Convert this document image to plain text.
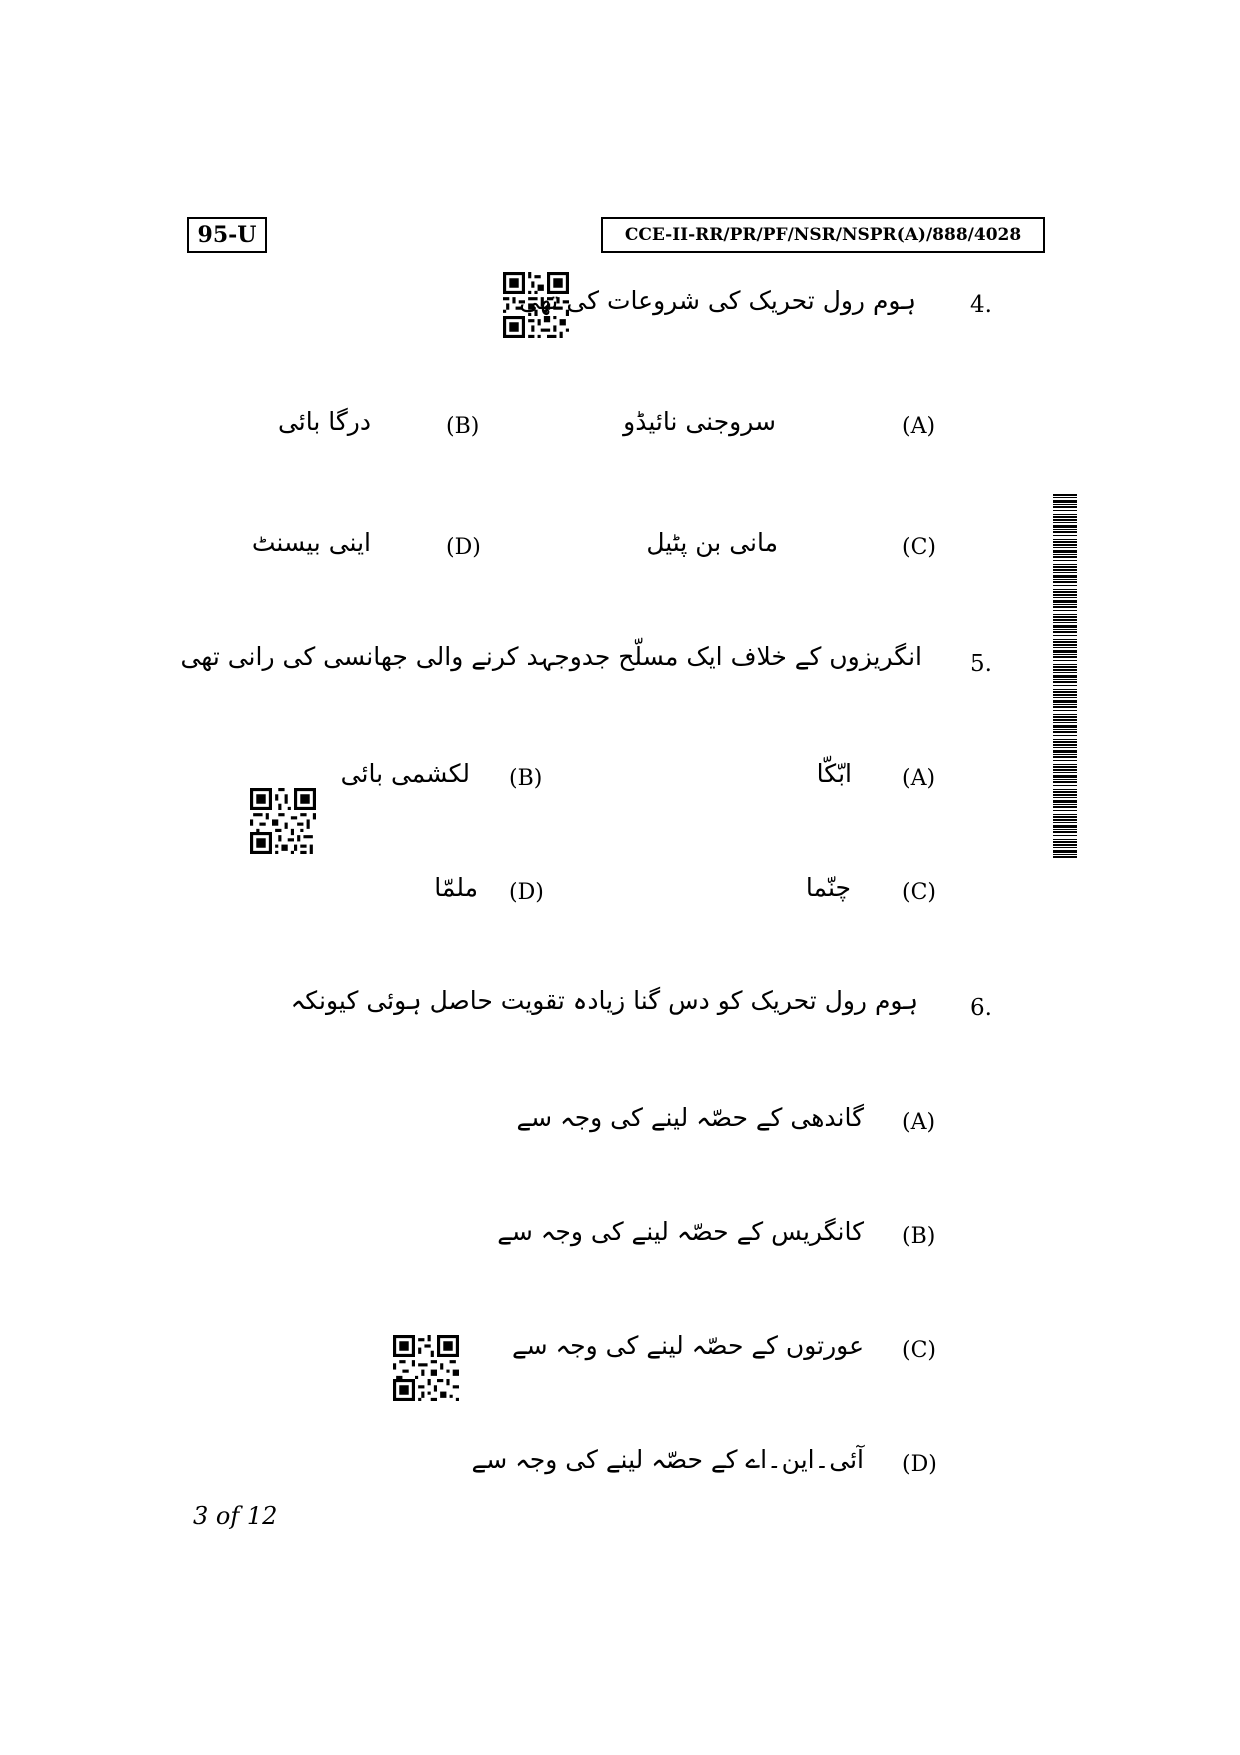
95-U	CCE-II-RR/PR/PF/NSR/NSPR(A)/888/4028
4.
ہوم رول تحریک کی شروعات کی تھی
(A)
سروجنی نائیڈو
(B)
درگا بائی
(C)
مانی بن پٹیل
(D)
اینی بیسنٹ
5.
انگریزوں کے خلاف ایک مسلّح جدوجہد کرنے والی جھانسی کی رانی تھی
(A)
ابّکّا
(B)
لکشمی بائی
(C)
چنّما
(D)
ملمّا
6.
ہوم رول تحریک کو دس گنا زیادہ تقویت حاصل ہوئی کیونکہ
(A)
گاندھی کے حصّہ لینے کی وجہ سے
(B)
کانگریس کے حصّہ لینے کی وجہ سے
(C)
عورتوں کے حصّہ لینے کی وجہ سے
(D)
آئی۔این۔اے کے حصّہ لینے کی وجہ سے
3 of 12
